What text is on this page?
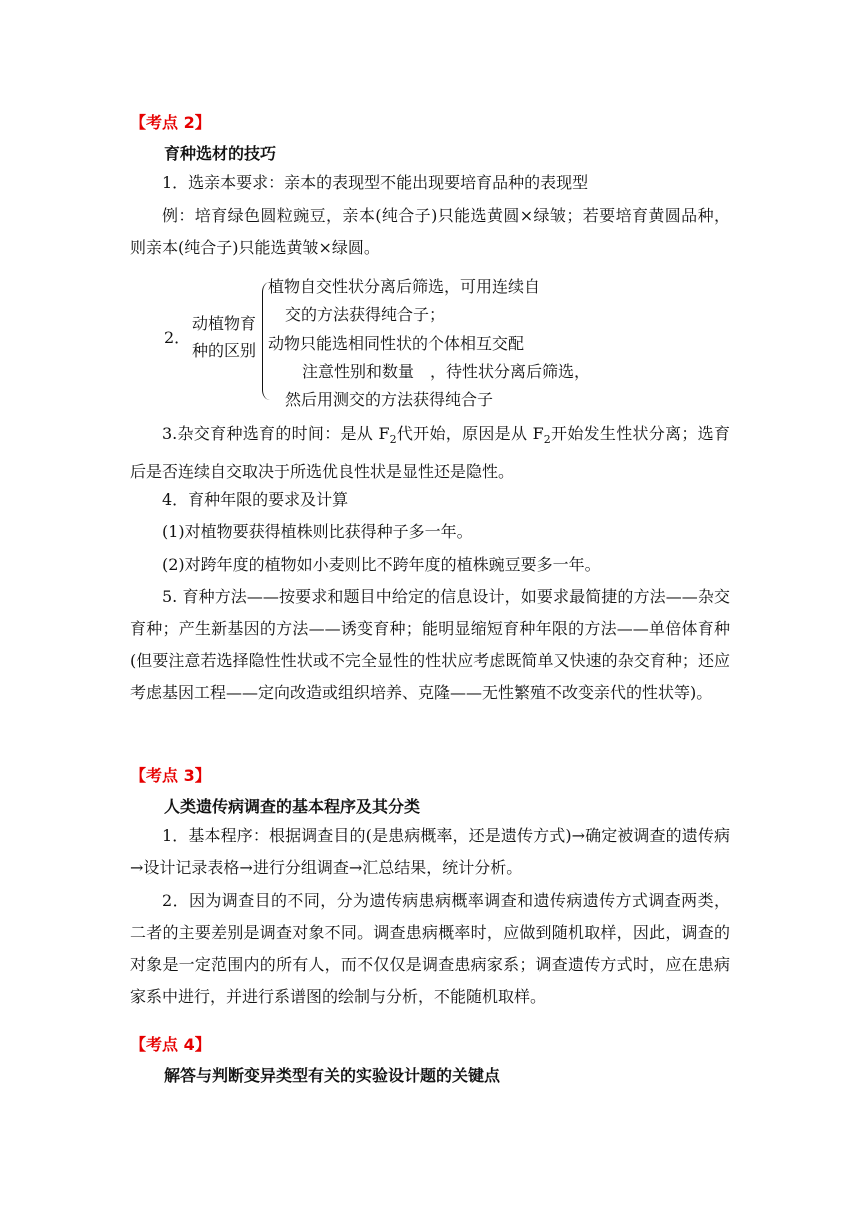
【考点 2】
育种选材的技巧
1．选亲本要求：亲本的表现型不能出现要培育品种的表现型
例：培育绿色圆粒豌豆，亲本(纯合子)只能选黄圆×绿皱；若要培育黄圆品种，则亲本(纯合子)只能选黄皱×绿圆。
2．
动植物育
种的区别
植物自交性状分离后筛选，可用连续自
交的方法获得纯合子；
动物只能选相同性状的个体相互交配
注意性别和数量　，待性状分离后筛选，
然后用测交的方法获得纯合子
3.杂交育种选育的时间：是从 $F_2$代开始，原因是从 $F_2$开始发生性状分离；选育后是否连续自交取决于所选优良性状是显性还是隐性。
4．育种年限的要求及计算
(1)对植物要获得植株则比获得种子多一年。
(2)对跨年度的植物如小麦则比不跨年度的植株豌豆要多一年。
5. 育种方法——按要求和题目中给定的信息设计，如要求最简捷的方法——杂交育种；产生新基因的方法——诱变育种；能明显缩短育种年限的方法——单倍体育种(但要注意若选择隐性性状或不完全显性的性状应考虑既简单又快速的杂交育种；还应考虑基因工程——定向改造或组织培养、克隆——无性繁殖不改变亲代的性状等)。
【考点 3】
人类遗传病调查的基本程序及其分类
1．基本程序：根据调查目的(是患病概率，还是遗传方式)→确定被调查的遗传病→设计记录表格→进行分组调查→汇总结果，统计分析。
2．因为调查目的不同，分为遗传病患病概率调查和遗传病遗传方式调查两类，二者的主要差别是调查对象不同。调查患病概率时，应做到随机取样，因此，调查的对象是一定范围内的所有人，而不仅仅是调查患病家系；调查遗传方式时，应在患病家系中进行，并进行系谱图的绘制与分析，不能随机取样。
【考点 4】
解答与判断变异类型有关的实验设计题的关键点
